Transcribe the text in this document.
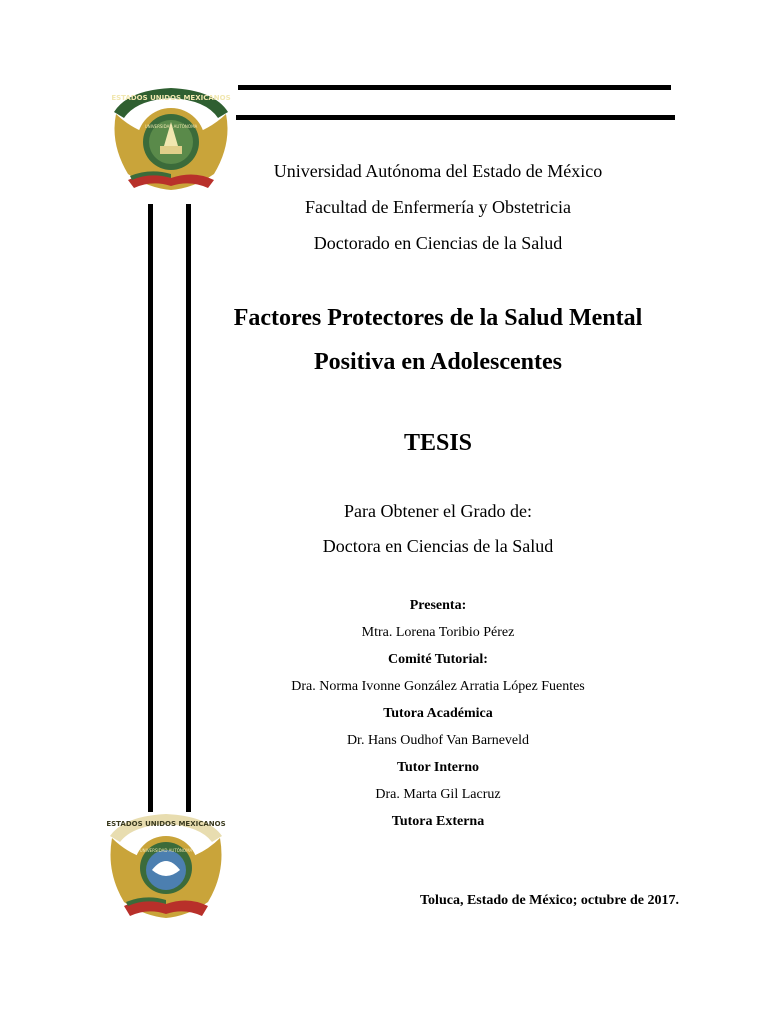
ESTADOS UNIDOS MEXICANOS
UNIVERSIDAD AUTÓNOMA
ESTADOS UNIDOS MEXICANOS
UNIVERSIDAD AUTÓNOMA
Universidad Autónoma del Estado de México
Facultad de Enfermería y Obstetricia
Doctorado en Ciencias de la Salud
Factores Protectores de la Salud Mental
Positiva en Adolescentes
TESIS
Para Obtener el Grado de:
Doctora en Ciencias de la Salud
Presenta:
Mtra. Lorena Toribio Pérez
Comité Tutorial:
Dra. Norma Ivonne González Arratia López Fuentes
Tutora Académica
Dr. Hans Oudhof Van Barneveld
Tutor Interno
Dra. Marta Gil Lacruz
Tutora Externa
Toluca, Estado de México; octubre de 2017.
